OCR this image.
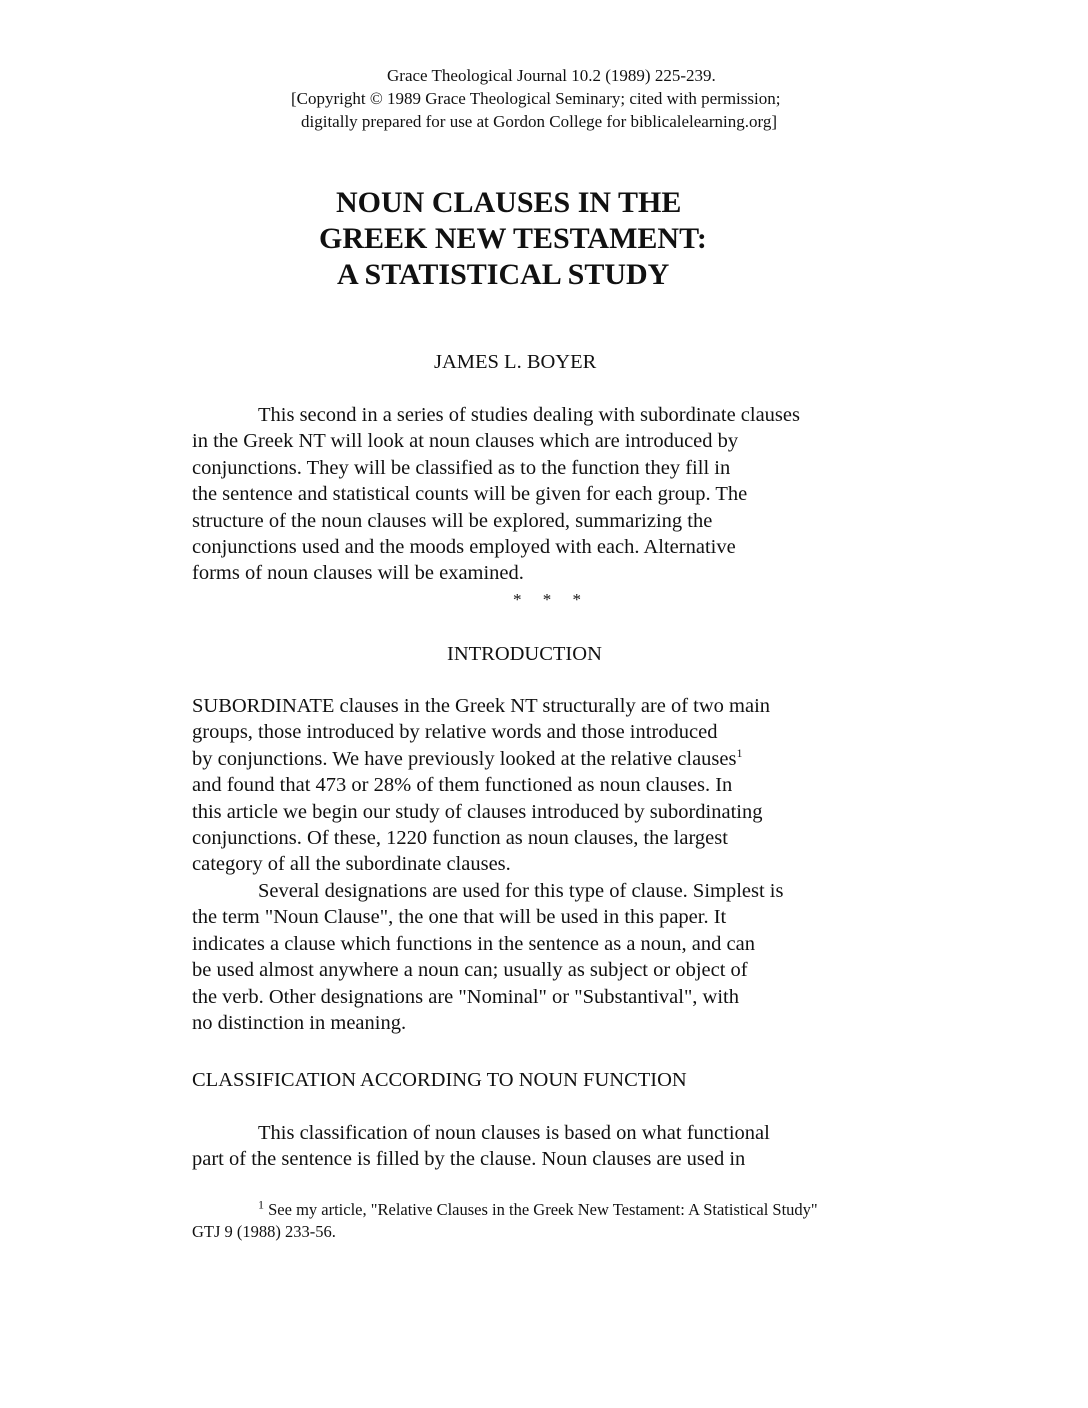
Grace Theological Journal 10.2 (1989) 225-239.
[Copyright © 1989 Grace Theological Seminary; cited with permission;
digitally prepared for use at Gordon College for biblicalelearning.org]
NOUN CLAUSES IN THE
GREEK NEW TESTAMENT:
A STATISTICAL STUDY
JAMES L. BOYER
This second in a series of studies dealing with subordinate clauses
in the Greek NT will look at noun clauses which are introduced by
conjunctions. They will be classified as to the function they fill in
the sentence and statistical counts will be given for each group. The
structure of the noun clauses will be explored, summarizing the
conjunctions used and the moods employed with each. Alternative
forms of noun clauses will be examined.
*     *     *
INTRODUCTION
SUBORDINATE clauses in the Greek NT structurally are of two main
groups, those introduced by relative words and those introduced
by conjunctions. We have previously looked at the relative clauses$^1$
and found that 473 or 28% of them functioned as noun clauses. In
this article we begin our study of clauses introduced by subordinating
conjunctions. Of these, 1220 function as noun clauses, the largest
category of all the subordinate clauses.
Several designations are used for this type of clause. Simplest is
the term "Noun Clause", the one that will be used in this paper. It
indicates a clause which functions in the sentence as a noun, and can
be used almost anywhere a noun can; usually as subject or object of
the verb. Other designations are "Nominal" or "Substantival", with
no distinction in meaning.
CLASSIFICATION ACCORDING TO NOUN FUNCTION
This classification of noun clauses is based on what functional
part of the sentence is filled by the clause. Noun clauses are used in
$^1$ See my article, "Relative Clauses in the Greek New Testament: A Statistical Study"
GTJ 9 (1988) 233-56.
